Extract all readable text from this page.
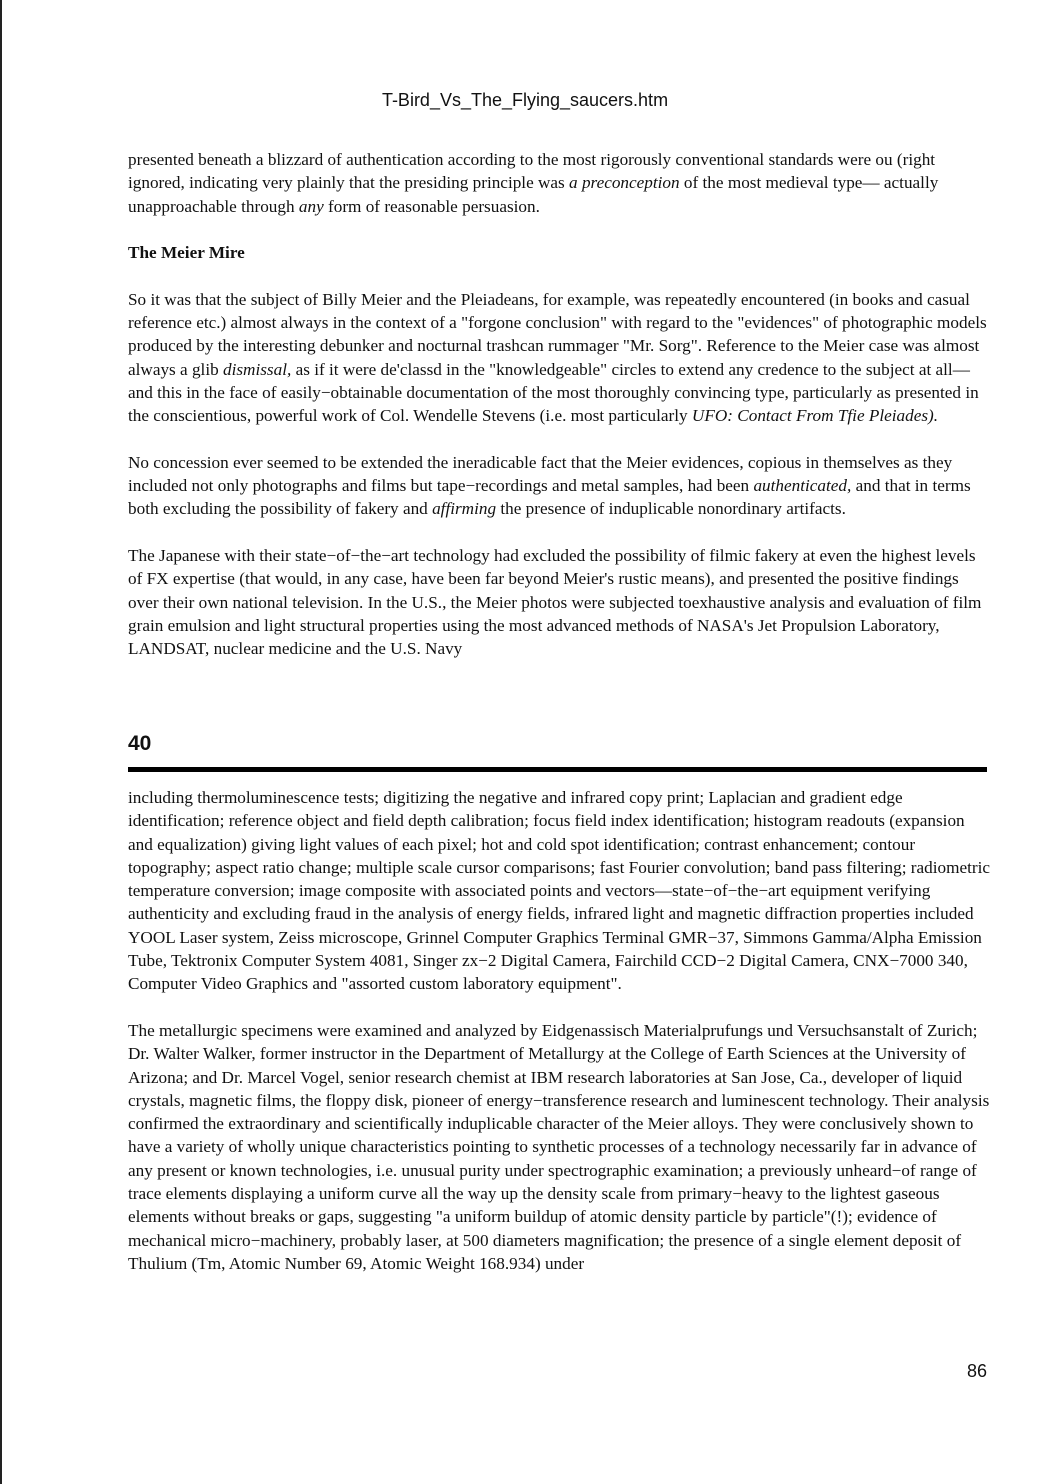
T-Bird_Vs_The_Flying_saucers.htm

presented beneath a blizzard of authentication according to the most rigorously conventional standards were ou (right ignored, indicating very plainly that the presiding principle was a preconception of the most medieval type— actually unapproachable through any form of reasonable persuasion.

The Meier Mire

So it was that the subject of Billy Meier and the Pleiadeans, for example, was repeatedly encountered (in books and casual reference etc.) almost always in the context of a "forgone conclusion" with regard to the "evidences" of photographic models produced by the interesting debunker and nocturnal trashcan rummager "Mr. Sorg". Reference to the Meier case was almost always a glib dismissal, as if it were de'classd in the "knowledgeable" circles to extend any credence to the subject at all—and this in the face of easily−obtainable documentation of the most thoroughly convincing type, particularly as presented in the conscientious, powerful work of Col. Wendelle Stevens (i.e. most particularly UFO: Contact From Tfie Pleiades).

No concession ever seemed to be extended the ineradicable fact that the Meier evidences, copious in themselves as they included not only photographs and films but tape−recordings and metal samples, had been authenticated, and that in terms both excluding the possibility of fakery and affirming the presence of induplicable nonordinary artifacts.

The Japanese with their state−of−the−art technology had excluded the possibility of filmic fakery at even the highest levels of FX expertise (that would, in any case, have been far beyond Meier's rustic means), and presented the positive findings over their own national television. In the U.S., the Meier photos were subjected toexhaustive analysis and evaluation of film grain emulsion and light structural properties using the most advanced methods of NASA's Jet Propulsion Laboratory, LANDSAT, nuclear medicine and the U.S. Navy

40

including thermoluminescence tests; digitizing the negative and infrared copy print; Laplacian and gradient edge identification; reference object and field depth calibration; focus field index identification; histogram readouts (expansion and equalization) giving light values of each pixel; hot and cold spot identification; contrast enhancement; contour topography; aspect ratio change; multiple scale cursor comparisons; fast Fourier convolution; band pass filtering; radiometric temperature conversion; image composite with associated points and vectors—state−of−the−art equipment verifying authenticity and excluding fraud in the analysis of energy fields, infrared light and magnetic diffraction properties included YOOL Laser system, Zeiss microscope, Grinnel Computer Graphics Terminal GMR−37, Simmons Gamma/Alpha Emission Tube, Tektronix Computer System 4081, Singer zx−2 Digital Camera, Fairchild CCD−2 Digital Camera, CNX−7000 340, Computer Video Graphics and "assorted custom laboratory equipment".

The metallurgic specimens were examined and analyzed by Eidgenassisch Materialprufungs und Versuchsanstalt of Zurich; Dr. Walter Walker, former instructor in the Department of Metallurgy at the College of Earth Sciences at the University of Arizona; and Dr. Marcel Vogel, senior research chemist at IBM research laboratories at San Jose, Ca., developer of liquid crystals, magnetic films, the floppy disk, pioneer of energy−transference research and luminescent technology. Their analysis confirmed the extraordinary and scientifically induplicable character of the Meier alloys. They were conclusively shown to have a variety of wholly unique characteristics pointing to synthetic processes of a technology necessarily far in advance of any present or known technologies, i.e. unusual purity under spectrographic examination; a previously unheard−of range of trace elements displaying a uniform curve all the way up the density scale from primary−heavy to the lightest gaseous elements without breaks or gaps, suggesting "a uniform buildup of atomic density particle by particle"(!); evidence of mechanical micro−machinery, probably laser, at 500 diameters magnification; the presence of a single element deposit of Thulium (Tm, Atomic Number 69, Atomic Weight 168.934) under

86
